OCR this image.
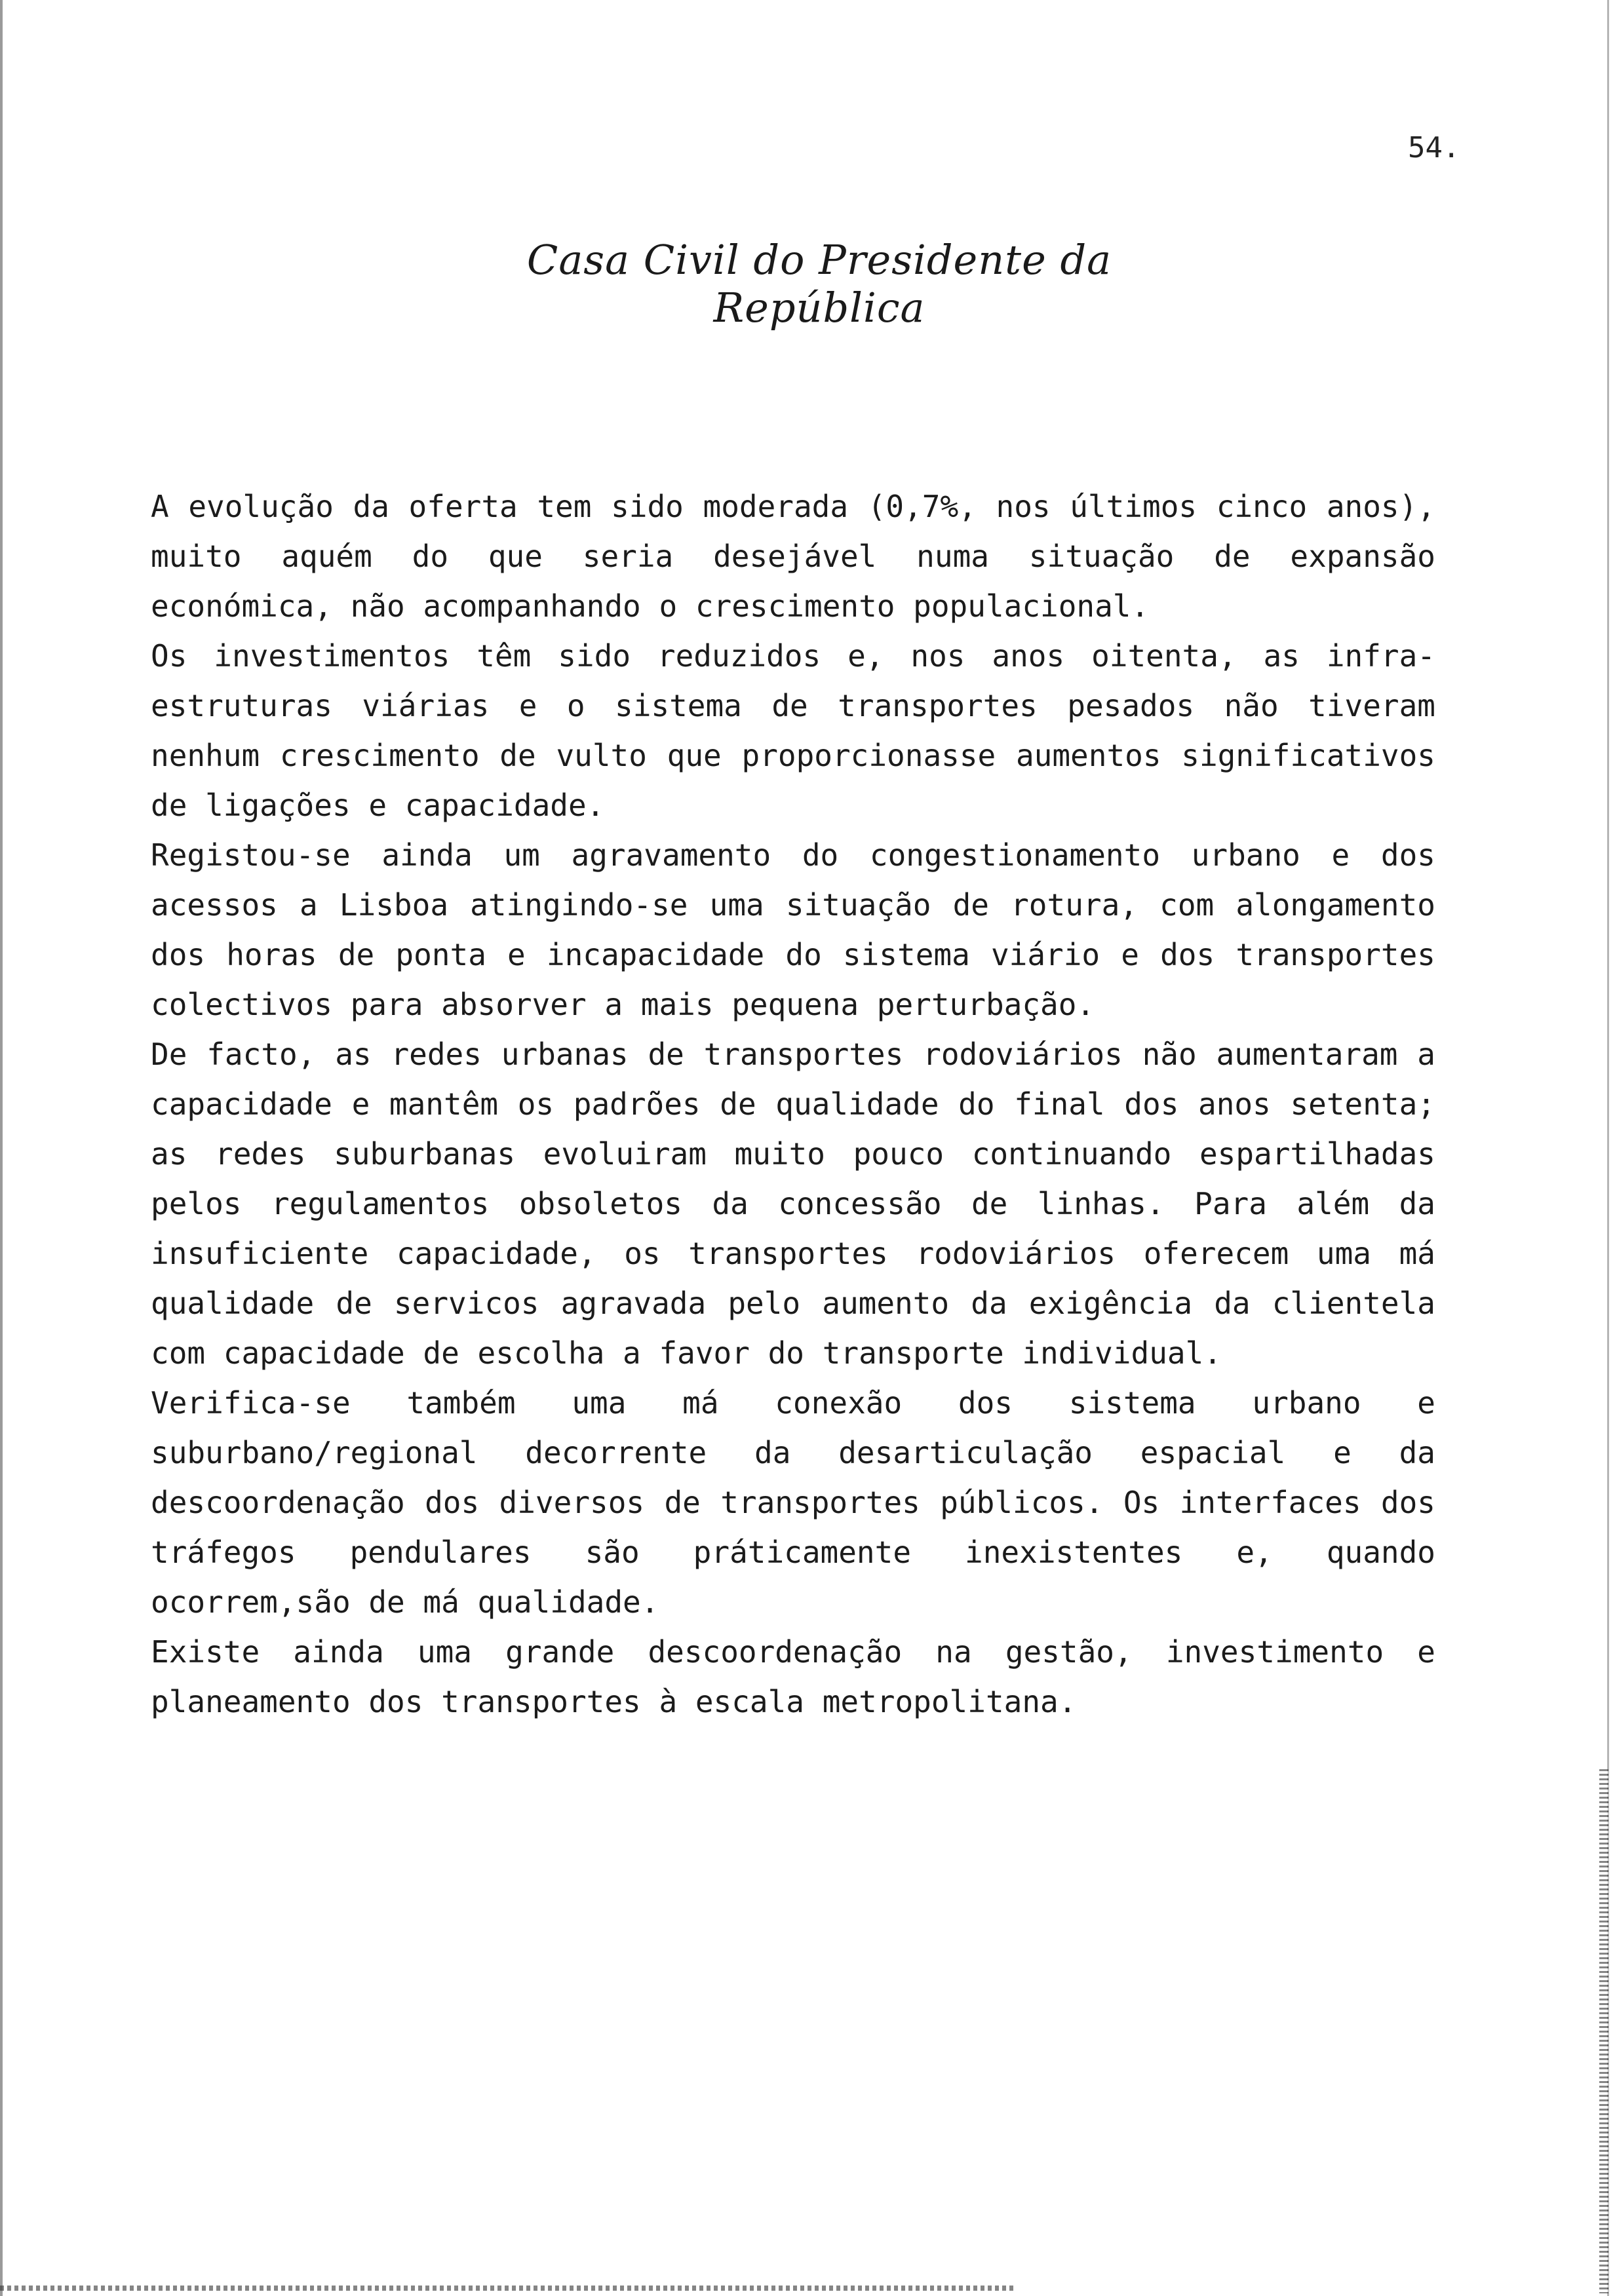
54.

Casa Civil do Presidente da República

A evolução da oferta tem sido moderada (0,7%, nos últimos cinco anos), muito aquém do que seria desejável numa situação de expansão económica, não acompanhando o crescimento populacional.

Os investimentos têm sido reduzidos e, nos anos oitenta, as infra-estruturas viárias e o sistema de transportes pesados não tiveram nenhum crescimento de vulto que proporcionasse aumentos significativos de ligações e capacidade.

Registou-se ainda um agravamento do congestionamento urbano e dos acessos a Lisboa atingindo-se uma situação de rotura, com alongamento dos horas de ponta e incapacidade do sistema viário e dos transportes colectivos para absorver a mais pequena perturbação.

De facto, as redes urbanas de transportes rodoviários não aumentaram a capacidade e mantêm os padrões de qualidade do final dos anos setenta; as redes suburbanas evoluiram muito pouco continuando espartilhadas pelos regulamentos obsoletos da concessão de linhas. Para além da insuficiente capacidade, os transportes rodoviários oferecem uma má qualidade de servicos agravada pelo aumento da exigência da clientela com capacidade de escolha a favor do transporte individual.

Verifica-se também uma má conexão dos sistema urbano e suburbano/regional decorrente da desarticulação espacial e da descoordenação dos diversos de transportes públicos. Os interfaces dos tráfegos pendulares são práticamente inexistentes e, quando ocorrem,são de má qualidade.

Existe ainda uma grande descoordenação na gestão, investimento e planeamento dos transportes à escala metropolitana.
